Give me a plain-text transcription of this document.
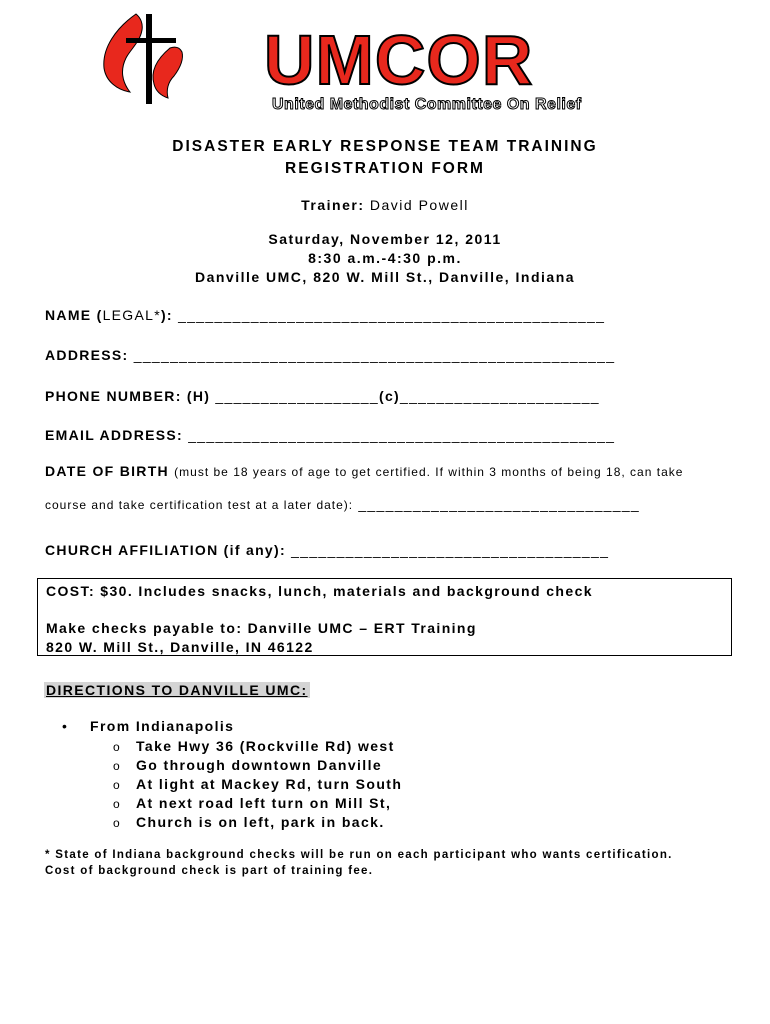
UMCOR
United Methodist Committee On Relief
DISASTER EARLY RESPONSE TEAM TRAINING
REGISTRATION FORM
Trainer: David Powell
Saturday, November 12, 2011
8:30 a.m.-4:30 p.m.
Danville UMC, 820 W. Mill St., Danville, Indiana
NAME (LEGAL*): _______________________________________________
ADDRESS: _____________________________________________________
PHONE NUMBER: (H) __________________(c)______________________
EMAIL ADDRESS: _______________________________________________
DATE OF BIRTH (must be 18 years of age to get certified. If within 3 months of being 18, can take
course and take certification test at a later date): _______________________________
CHURCH AFFILIATION (if any): ___________________________________
COST: $30. Includes snacks, lunch, materials and background check
Make checks payable to: Danville UMC – ERT Training
820 W. Mill St., Danville, IN 46122
DIRECTIONS TO DANVILLE UMC:
• From Indianapolis
o Take Hwy 36 (Rockville Rd) west
o Go through downtown Danville
o At light at Mackey Rd, turn South
o At next road left turn on Mill St,
o Church is on left, park in back.
* State of Indiana background checks will be run on each participant who wants certification.
Cost of background check is part of training fee.
